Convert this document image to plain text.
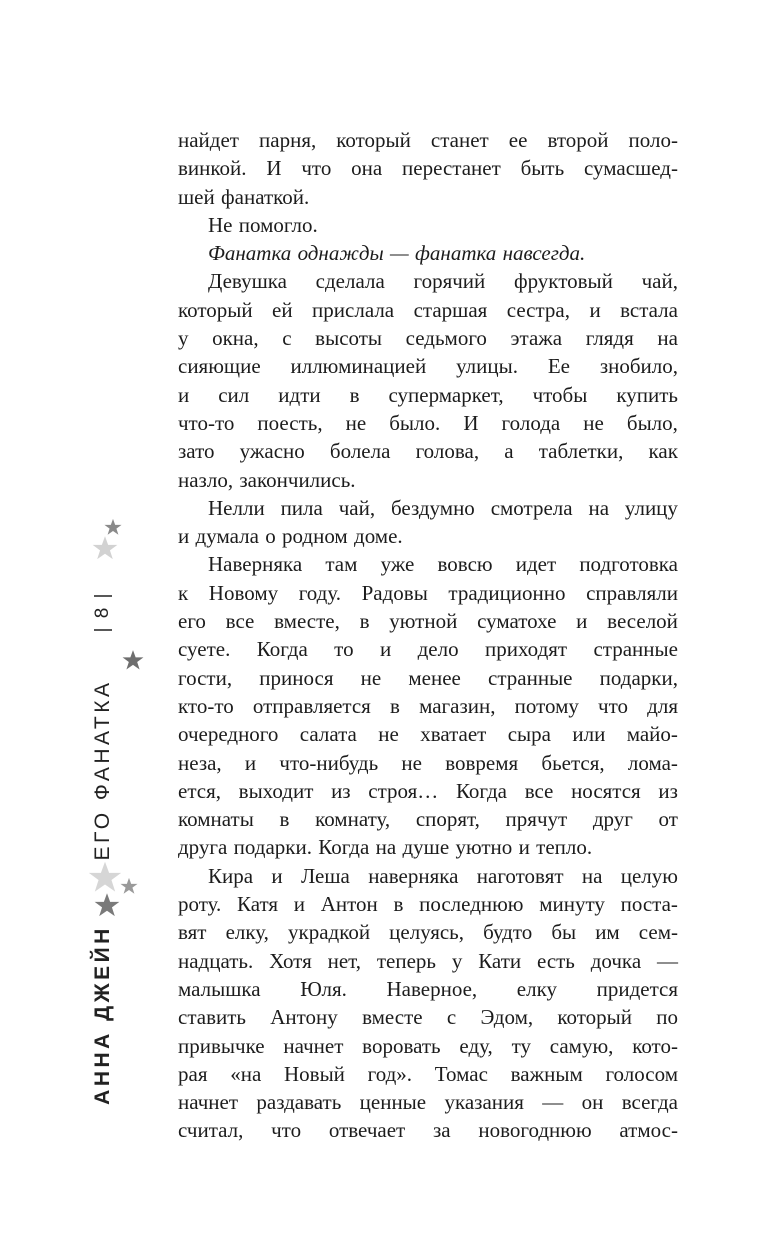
| 8 |
ЕГО ФАНАТКА
АННА ДЖЕЙН
найдет парня, который станет ее второй поло-
винкой. И что она перестанет быть сумасшед-
шей фанаткой.
Не помогло.
Фанатка однажды — фанатка навсегда.
Девушка сделала горячий фруктовый чай,
который ей прислала старшая сестра, и встала
у окна, с высоты седьмого этажа глядя на
сияющие иллюминацией улицы. Ее знобило,
и сил идти в супермаркет, чтобы купить
что-то поесть, не было. И голода не было,
зато ужасно болела голова, а таблетки, как
назло, закончились.
Нелли пила чай, бездумно смотрела на улицу
и думала о родном доме.
Наверняка там уже вовсю идет подготовка
к Новому году. Радовы традиционно справляли
его все вместе, в уютной суматохе и веселой
суете. Когда то и дело приходят странные
гости, принося не менее странные подарки,
кто-то отправляется в магазин, потому что для
очередного салата не хватает сыра или майо-
неза, и что-нибудь не вовремя бьется, лома-
ется, выходит из строя… Когда все носятся из
комнаты в комнату, спорят, прячут друг от
друга подарки. Когда на душе уютно и тепло.
Кира и Леша наверняка наготовят на целую
роту. Катя и Антон в последнюю минуту поста-
вят елку, украдкой целуясь, будто бы им сем-
надцать. Хотя нет, теперь у Кати есть дочка —
малышка Юля. Наверное, елку придется
ставить Антону вместе с Эдом, который по
привычке начнет воровать еду, ту самую, кото-
рая «на Новый год». Томас важным голосом
начнет раздавать ценные указания — он всегда
считал, что отвечает за новогоднюю атмос-
